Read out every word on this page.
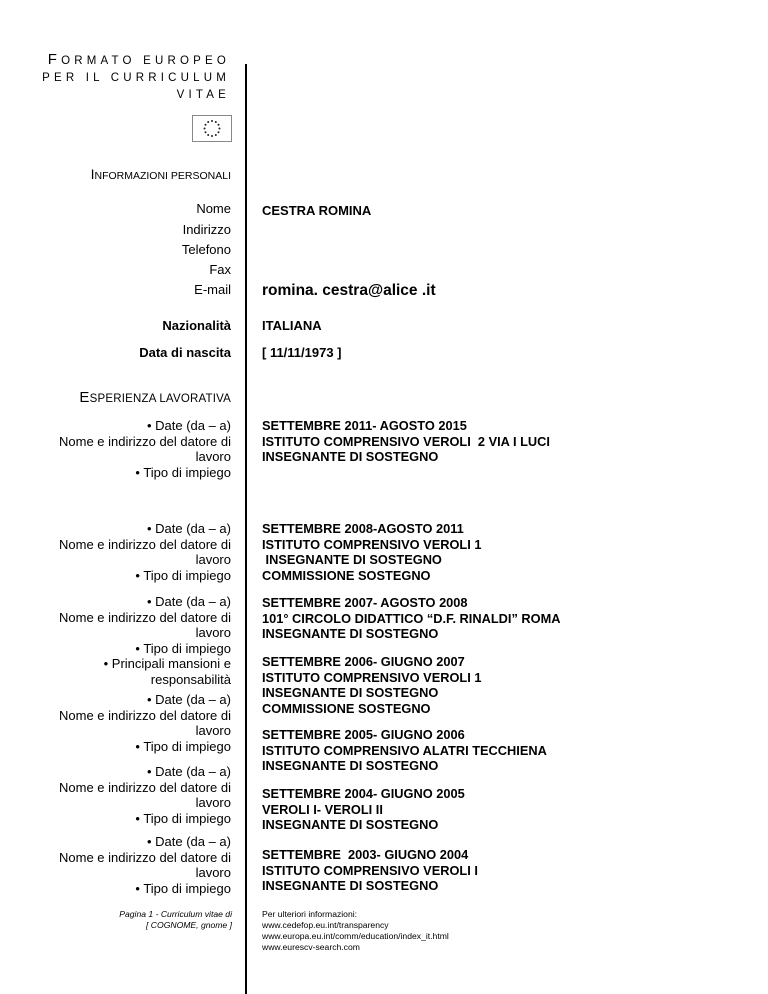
FORMATO EUROPEO
PER IL CURRICULUM
VITAE
INFORMAZIONI PERSONALI
Nome CESTRA ROMINA
Indirizzo
Telefono
Fax
E-mail romina. cestra@alice .it
Nazionalità ITALIANA
Data di nascita [ 11/11/1973 ]
ESPERIENZA LAVORATIVA
• Date (da – a)
Nome e indirizzo del datore di
lavoro
• Tipo di impiego
SETTEMBRE 2011- AGOSTO 2015
ISTITUTO COMPRENSIVO VEROLI  2 VIA I LUCI
INSEGNANTE DI SOSTEGNO
• Date (da – a)
Nome e indirizzo del datore di
lavoro
• Tipo di impiego
SETTEMBRE 2008-AGOSTO 2011
ISTITUTO COMPRENSIVO VEROLI 1
INSEGNANTE DI SOSTEGNO
COMMISSIONE SOSTEGNO
• Date (da – a)
Nome e indirizzo del datore di
lavoro
• Tipo di impiego
• Principali mansioni e
responsabilità
SETTEMBRE 2007- AGOSTO 2008
101° CIRCOLO DIDATTICO “D.F. RINALDI” ROMA
INSEGNANTE DI SOSTEGNO
SETTEMBRE 2006- GIUGNO 2007
ISTITUTO COMPRENSIVO VEROLI 1
INSEGNANTE DI SOSTEGNO
COMMISSIONE SOSTEGNO
• Date (da – a)
Nome e indirizzo del datore di
lavoro
• Tipo di impiego
SETTEMBRE 2005- GIUGNO 2006
ISTITUTO COMPRENSIVO ALATRI TECCHIENA
INSEGNANTE DI SOSTEGNO
• Date (da – a)
Nome e indirizzo del datore di
lavoro
• Tipo di impiego
SETTEMBRE 2004- GIUGNO 2005
VEROLI I- VEROLI II
INSEGNANTE DI SOSTEGNO
• Date (da – a)
Nome e indirizzo del datore di
lavoro
• Tipo di impiego
SETTEMBRE  2003- GIUGNO 2004
ISTITUTO COMPRENSIVO VEROLI I
INSEGNANTE DI SOSTEGNO
Pagina 1 - Curriculum vitae di
[ COGNOME, gnome ]
Per ulteriori informazioni:
www.cedefop.eu.int/transparency
www.europa.eu.int/comm/education/index_it.html
www.eurescv-search.com
